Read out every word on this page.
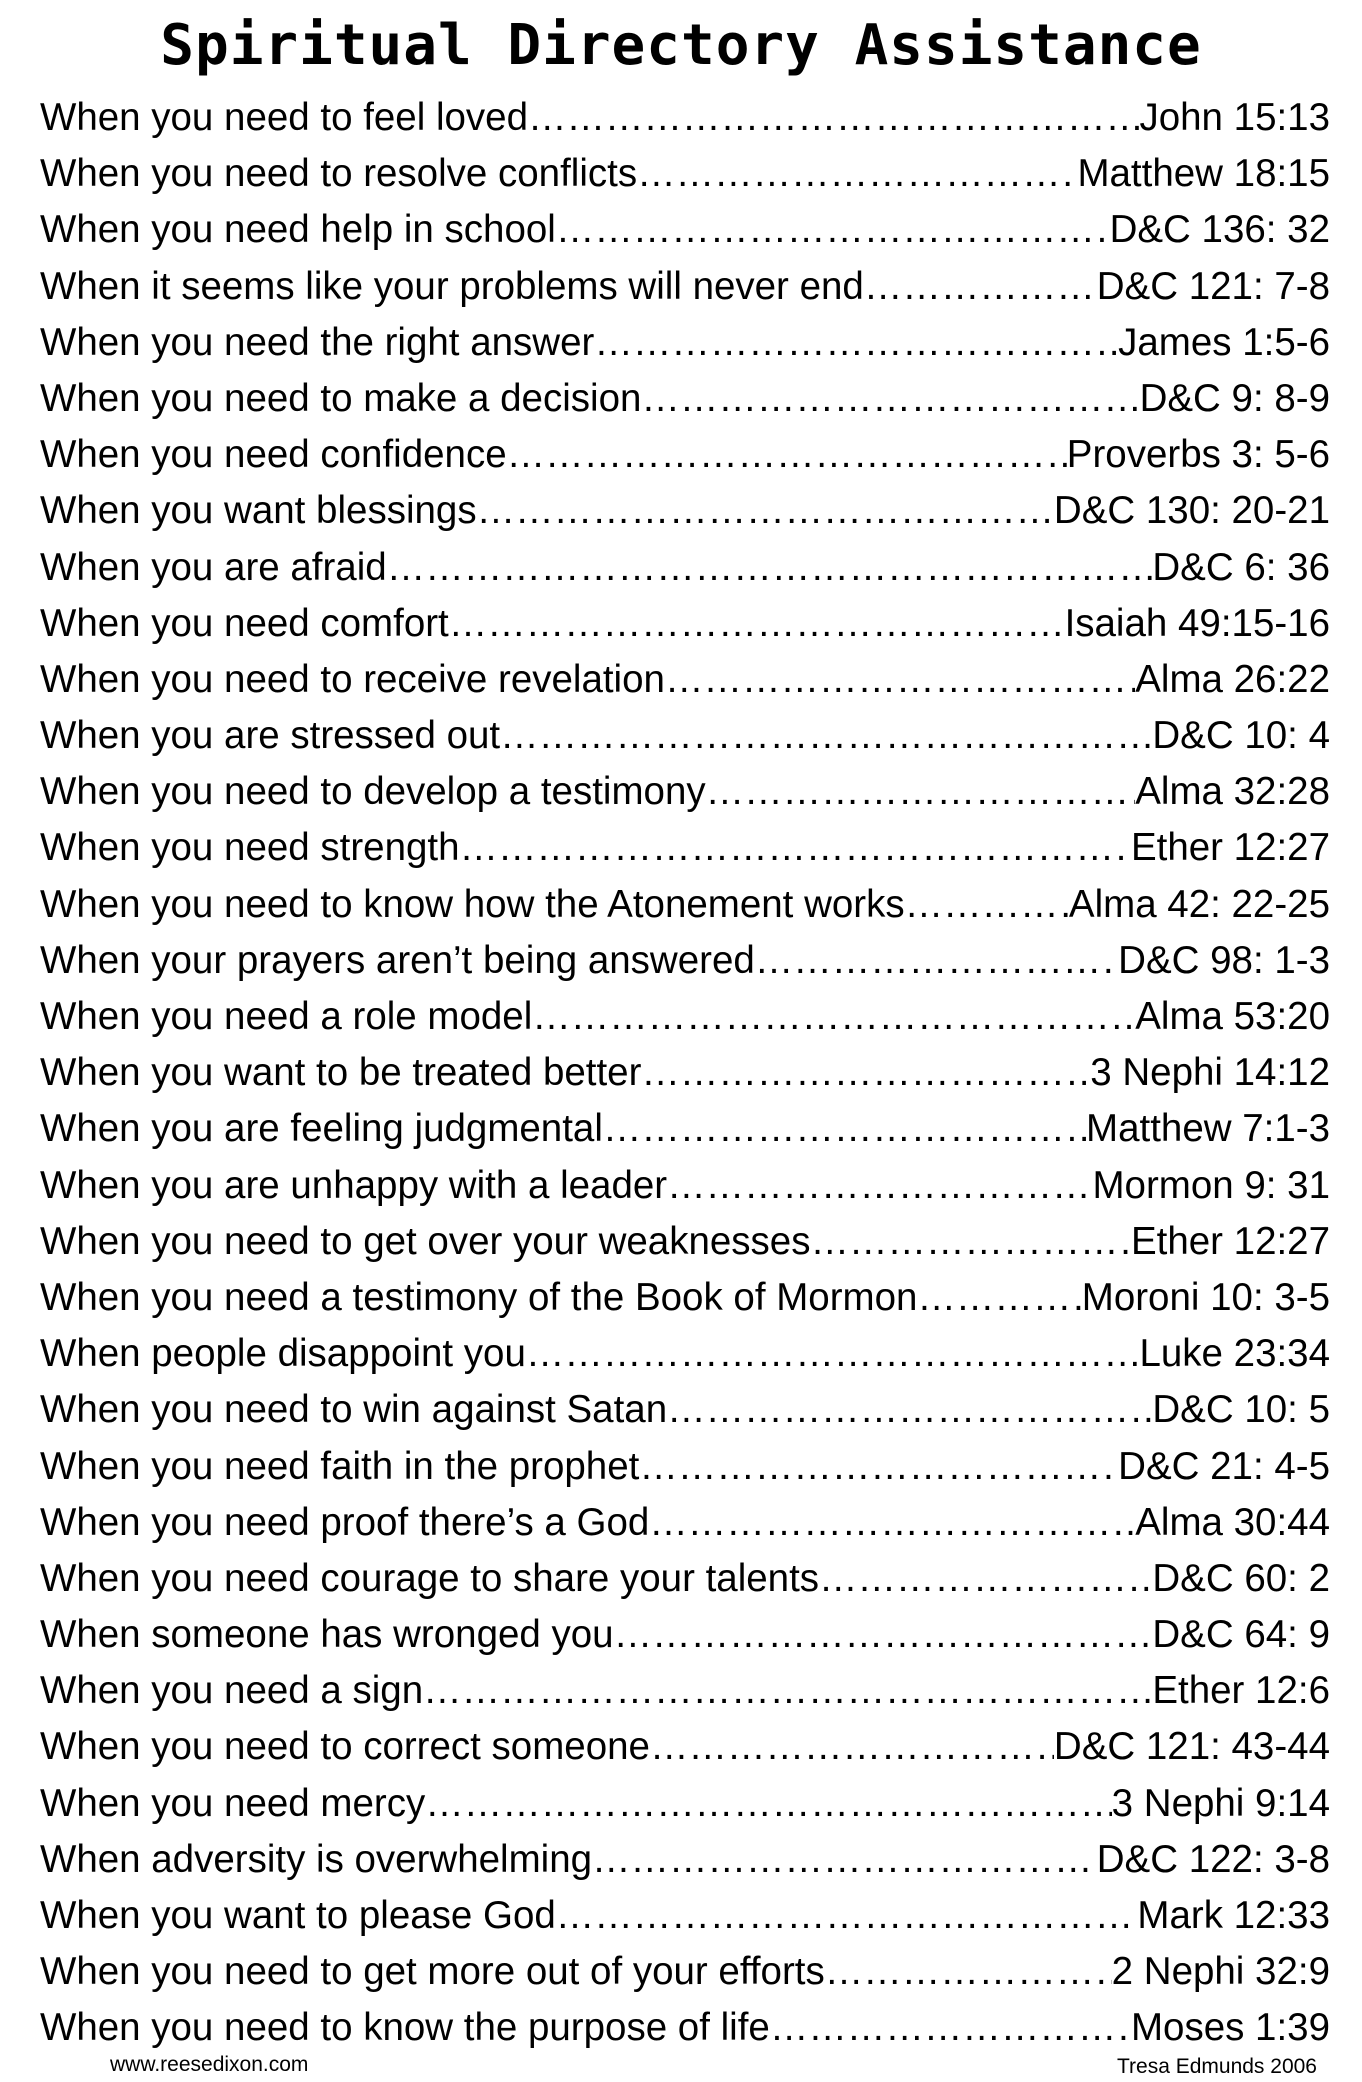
Spiritual Directory Assistance
When you need to feel loved ………………………………………………………………………………………………………………………………………………………………………………	John 15:13
When you need to resolve conflicts ………………………………………………………………………………………………………………………………………………………………………………	Matthew 18:15
When you need help in school ………………………………………………………………………………………………………………………………………………………………………………	D&C 136: 32
When it seems like your problems will never end ………………………………………………………………………………………………………………………………………………………………………………	D&C 121: 7-8
When you need the right answer ………………………………………………………………………………………………………………………………………………………………………………	James 1:5-6
When you need to make a decision ………………………………………………………………………………………………………………………………………………………………………………	D&C 9: 8-9
When you need confidence ………………………………………………………………………………………………………………………………………………………………………………	Proverbs 3: 5-6
When you want blessings ………………………………………………………………………………………………………………………………………………………………………………	D&C 130: 20-21
When you are afraid ………………………………………………………………………………………………………………………………………………………………………………	D&C 6: 36
When you need comfort ………………………………………………………………………………………………………………………………………………………………………………	Isaiah 49:15-16
When you need to receive revelation ………………………………………………………………………………………………………………………………………………………………………………	Alma 26:22
When you are stressed out ………………………………………………………………………………………………………………………………………………………………………………	D&C 10: 4
When you need to develop a testimony ………………………………………………………………………………………………………………………………………………………………………………	Alma 32:28
When you need strength ………………………………………………………………………………………………………………………………………………………………………………	Ether 12:27
When you need to know how the Atonement works ………………………………………………………………………………………………………………………………………………………………………………	Alma 42: 22-25
When your prayers aren’t being answered ………………………………………………………………………………………………………………………………………………………………………………	D&C 98: 1-3
When you need a role model ………………………………………………………………………………………………………………………………………………………………………………	Alma 53:20
When you want to be treated better ………………………………………………………………………………………………………………………………………………………………………………	3 Nephi 14:12
When you are feeling judgmental ………………………………………………………………………………………………………………………………………………………………………………	Matthew 7:1-3
When you are unhappy with a leader ………………………………………………………………………………………………………………………………………………………………………………	Mormon 9: 31
When you need to get over your weaknesses ………………………………………………………………………………………………………………………………………………………………………………	Ether 12:27
When you need a testimony of the Book of Mormon ………………………………………………………………………………………………………………………………………………………………………………	Moroni 10: 3-5
When people disappoint you ………………………………………………………………………………………………………………………………………………………………………………	Luke 23:34
When you need to win against Satan ………………………………………………………………………………………………………………………………………………………………………………	D&C 10: 5
When you need faith in the prophet ………………………………………………………………………………………………………………………………………………………………………………	D&C 21: 4-5
When you need proof there’s a God ………………………………………………………………………………………………………………………………………………………………………………	Alma 30:44
When you need courage to share your talents ………………………………………………………………………………………………………………………………………………………………………………	D&C 60: 2
When someone has wronged you ………………………………………………………………………………………………………………………………………………………………………………	D&C 64: 9
When you need a sign ………………………………………………………………………………………………………………………………………………………………………………	Ether 12:6
When you need to correct someone ………………………………………………………………………………………………………………………………………………………………………………	D&C 121: 43-44
When you need mercy ………………………………………………………………………………………………………………………………………………………………………………	3 Nephi 9:14
When adversity is overwhelming ………………………………………………………………………………………………………………………………………………………………………………	D&C 122: 3-8
When you want to please God ………………………………………………………………………………………………………………………………………………………………………………	Mark 12:33
When you need to get more out of your efforts ………………………………………………………………………………………………………………………………………………………………………………	2 Nephi 32:9
When you need to know the purpose of life ………………………………………………………………………………………………………………………………………………………………………………	Moses 1:39
www.reesedixon.com	Tresa Edmunds 2006
